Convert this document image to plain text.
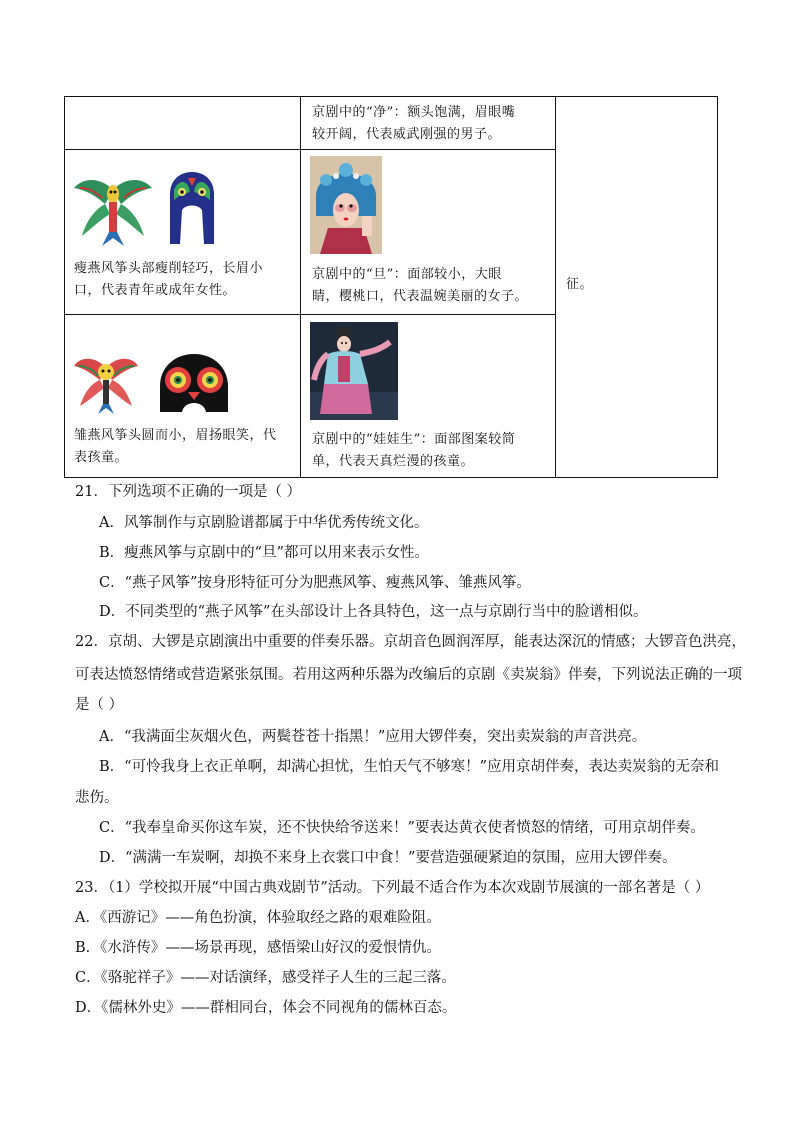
京剧中的“净”：额头饱满，眉眼嘴
较开阔，代表威武刚强的男子。
瘦燕风筝头部瘦削轻巧，长眉小
口，代表青年或成年女性。
京剧中的“旦”：面部较小，大眼
睛，樱桃口，代表温婉美丽的女子。
雏燕风筝头圆而小，眉扬眼笑，代
表孩童。
京剧中的“娃娃生”：面部图案较简
单，代表天真烂漫的孩童。
征。
21．下列选项不正确的一项是（ ）
A．风筝制作与京剧脸谱都属于中华优秀传统文化。
B．瘦燕风筝与京剧中的“旦”都可以用来表示女性。
C．“燕子风筝”按身形特征可分为肥燕风筝、瘦燕风筝、雏燕风筝。
D．不同类型的“燕子风筝”在头部设计上各具特色，这一点与京剧行当中的脸谱相似。
22．京胡、大锣是京剧演出中重要的伴奏乐器。京胡音色圆润浑厚，能表达深沉的情感；大锣音色洪亮，
可表达愤怒情绪或营造紧张氛围。若用这两种乐器为改编后的京剧《卖炭翁》伴奏，下列说法正确的一项
是（ ）
A．“我满面尘灰烟火色，两鬓苍苍十指黑！”应用大锣伴奏，突出卖炭翁的声音洪亮。
B．“可怜我身上衣正单啊，却满心担忧，生怕天气不够寒！”应用京胡伴奏，表达卖炭翁的无奈和
悲伤。
C．“我奉皇命买你这车炭，还不快快给爷送来！”要表达黄衣使者愤怒的情绪，可用京胡伴奏。
D．“满满一车炭啊，却换不来身上衣裳口中食！”要营造强硬紧迫的氛围，应用大锣伴奏。
23．（1）学校拟开展“中国古典戏剧节”活动。下列最不适合作为本次戏剧节展演的一部名著是（ ）
A．《西游记》——角色扮演，体验取经之路的艰难险阻。
B．《水浒传》——场景再现，感悟梁山好汉的爱恨情仇。
C．《骆驼祥子》——对话演绎，感受祥子人生的三起三落。
D．《儒林外史》——群相同台，体会不同视角的儒林百态。
